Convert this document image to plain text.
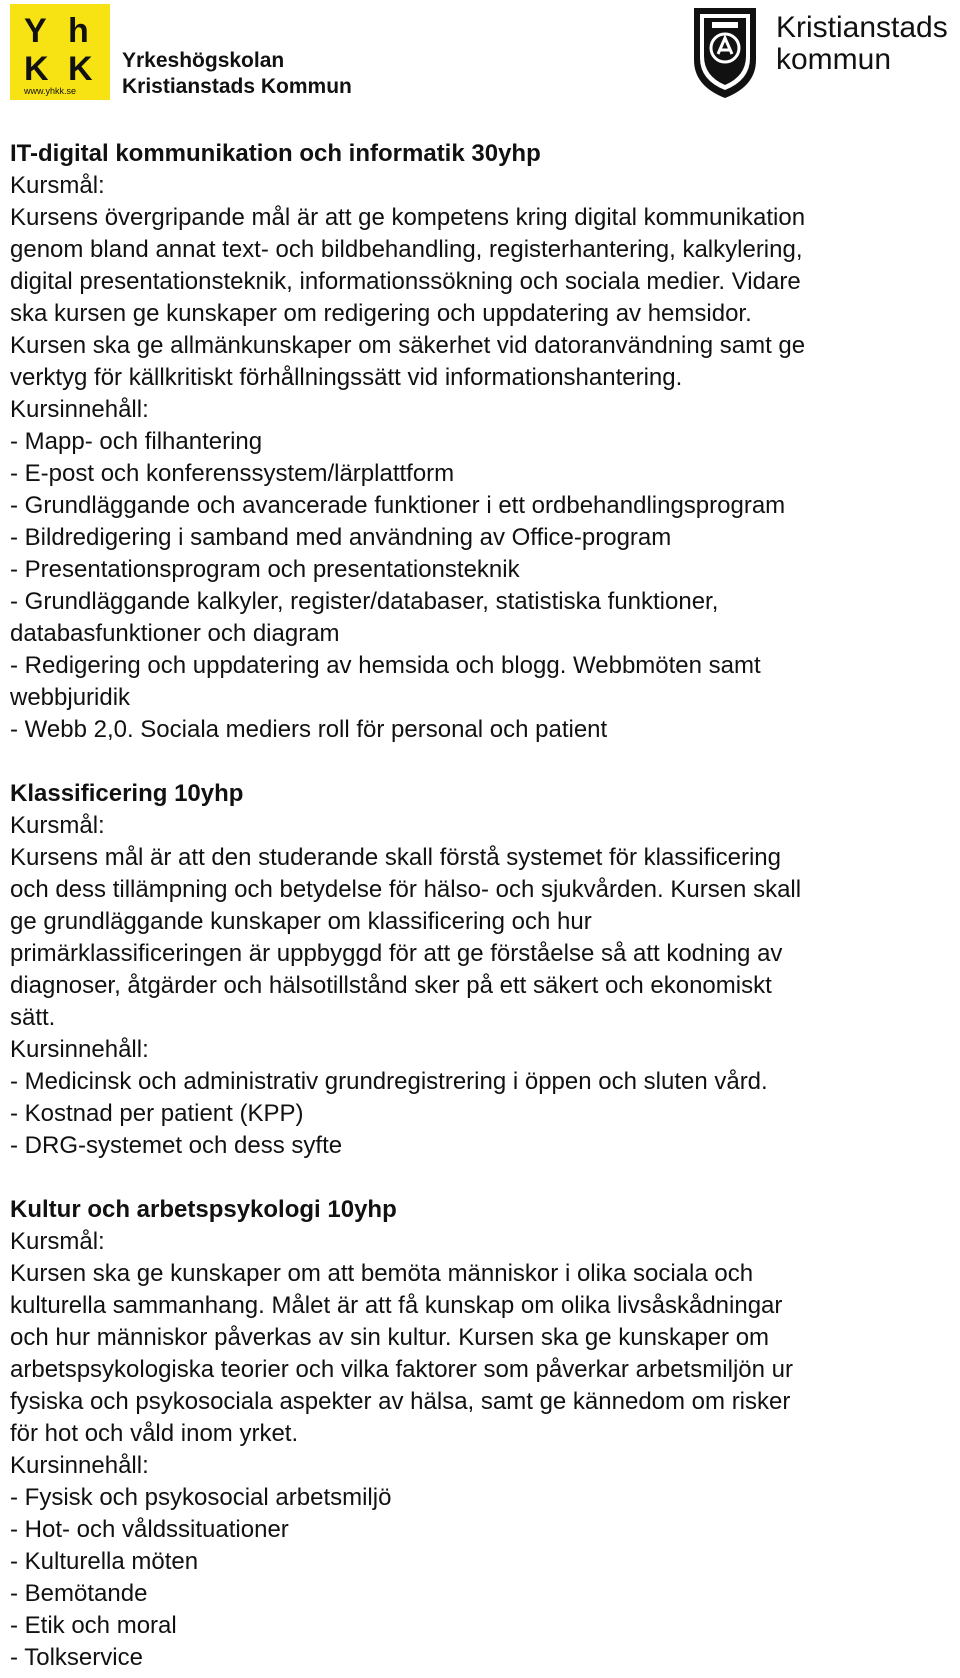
Y h
K K
www.yhkk.se
Yrkeshögskolan
Kristianstads Kommun
Kristianstads
kommun

IT-digital kommunikation och informatik 30yhp

Kursmål:

Kursens övergripande mål är att ge kompetens kring digital kommunikation

genom bland annat text- och bildbehandling, registerhantering, kalkylering,

digital presentationsteknik, informationssökning och sociala medier. Vidare

ska kursen ge kunskaper om redigering och uppdatering av hemsidor.

Kursen ska ge allmänkunskaper om säkerhet vid datoranvändning samt ge

verktyg för källkritiskt förhållningssätt vid informationshantering.

Kursinnehåll:

- Mapp- och filhantering

- E-post och konferenssystem/lärplattform

- Grundläggande och avancerade funktioner i ett ordbehandlingsprogram

- Bildredigering i samband med användning av Office-program

- Presentationsprogram och presentationsteknik

- Grundläggande kalkyler, register/databaser, statistiska funktioner,

databasfunktioner och diagram

- Redigering och uppdatering av hemsida och blogg. Webbmöten samt

webbjuridik

- Webb 2,0. Sociala mediers roll för personal och patient

Klassificering 10yhp

Kursmål:

Kursens mål är att den studerande skall förstå systemet för klassificering

och dess tillämpning och betydelse för hälso- och sjukvården. Kursen skall

ge grundläggande kunskaper om klassificering och hur

primärklassificeringen är uppbyggd för att ge förståelse så att kodning av

diagnoser, åtgärder och hälsotillstånd sker på ett säkert och ekonomiskt

sätt.

Kursinnehåll:

- Medicinsk och administrativ grundregistrering i öppen och sluten vård.

- Kostnad per patient (KPP)

- DRG-systemet och dess syfte

Kultur och arbetspsykologi 10yhp

Kursmål:

Kursen ska ge kunskaper om att bemöta människor i olika sociala och

kulturella sammanhang. Målet är att få kunskap om olika livsåskådningar

och hur människor påverkas av sin kultur. Kursen ska ge kunskaper om

arbetspsykologiska teorier och vilka faktorer som påverkar arbetsmiljön ur

fysiska och psykosociala aspekter av hälsa, samt ge kännedom om risker

för hot och våld inom yrket.

Kursinnehåll:

- Fysisk och psykosocial arbetsmiljö

- Hot- och våldssituationer

- Kulturella möten

- Bemötande

- Etik och moral

- Tolkservice
